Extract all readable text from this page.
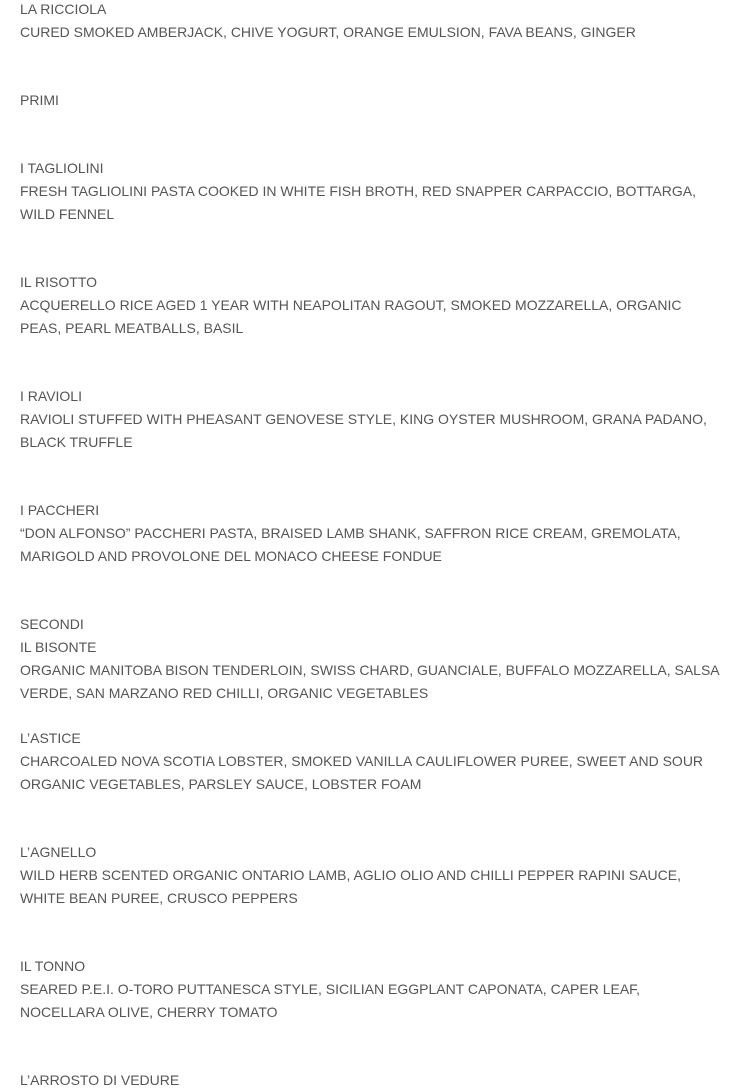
LA RICCIOLA
CURED SMOKED AMBERJACK, CHIVE YOGURT, ORANGE EMULSION, FAVA BEANS, GINGER
PRIMI
I TAGLIOLINI
FRESH TAGLIOLINI PASTA COOKED IN WHITE FISH BROTH, RED SNAPPER CARPACCIO, BOTTARGA, WILD FENNEL
IL RISOTTO
ACQUERELLO RICE AGED 1 YEAR WITH NEAPOLITAN RAGOUT, SMOKED MOZZARELLA, ORGANIC PEAS, PEARL MEATBALLS, BASIL
I RAVIOLI
RAVIOLI STUFFED WITH PHEASANT GENOVESE STYLE, KING OYSTER MUSHROOM, GRANA PADANO, BLACK TRUFFLE
I PACCHERI
“DON ALFONSO” PACCHERI PASTA, BRAISED LAMB SHANK, SAFFRON RICE CREAM, GREMOLATA, MARIGOLD AND PROVOLONE DEL MONACO CHEESE FONDUE
SECONDI
IL BISONTE
ORGANIC MANITOBA BISON TENDERLOIN, SWISS CHARD, GUANCIALE, BUFFALO MOZZARELLA, SALSA VERDE, SAN MARZANO RED CHILLI, ORGANIC VEGETABLES
L’ASTICE
CHARCOALED NOVA SCOTIA LOBSTER, SMOKED VANILLA CAULIFLOWER PUREE, SWEET AND SOUR ORGANIC VEGETABLES, PARSLEY SAUCE, LOBSTER FOAM
L’AGNELLO
WILD HERB SCENTED ORGANIC ONTARIO LAMB, AGLIO OLIO AND CHILLI PEPPER RAPINI SAUCE, WHITE BEAN PUREE, CRUSCO PEPPERS
IL TONNO
SEARED P.E.I. O-TORO PUTTANESCA STYLE, SICILIAN EGGPLANT CAPONATA, CAPER LEAF, NOCELLARA OLIVE, CHERRY TOMATO
L’ARROSTO DI VEDURE
